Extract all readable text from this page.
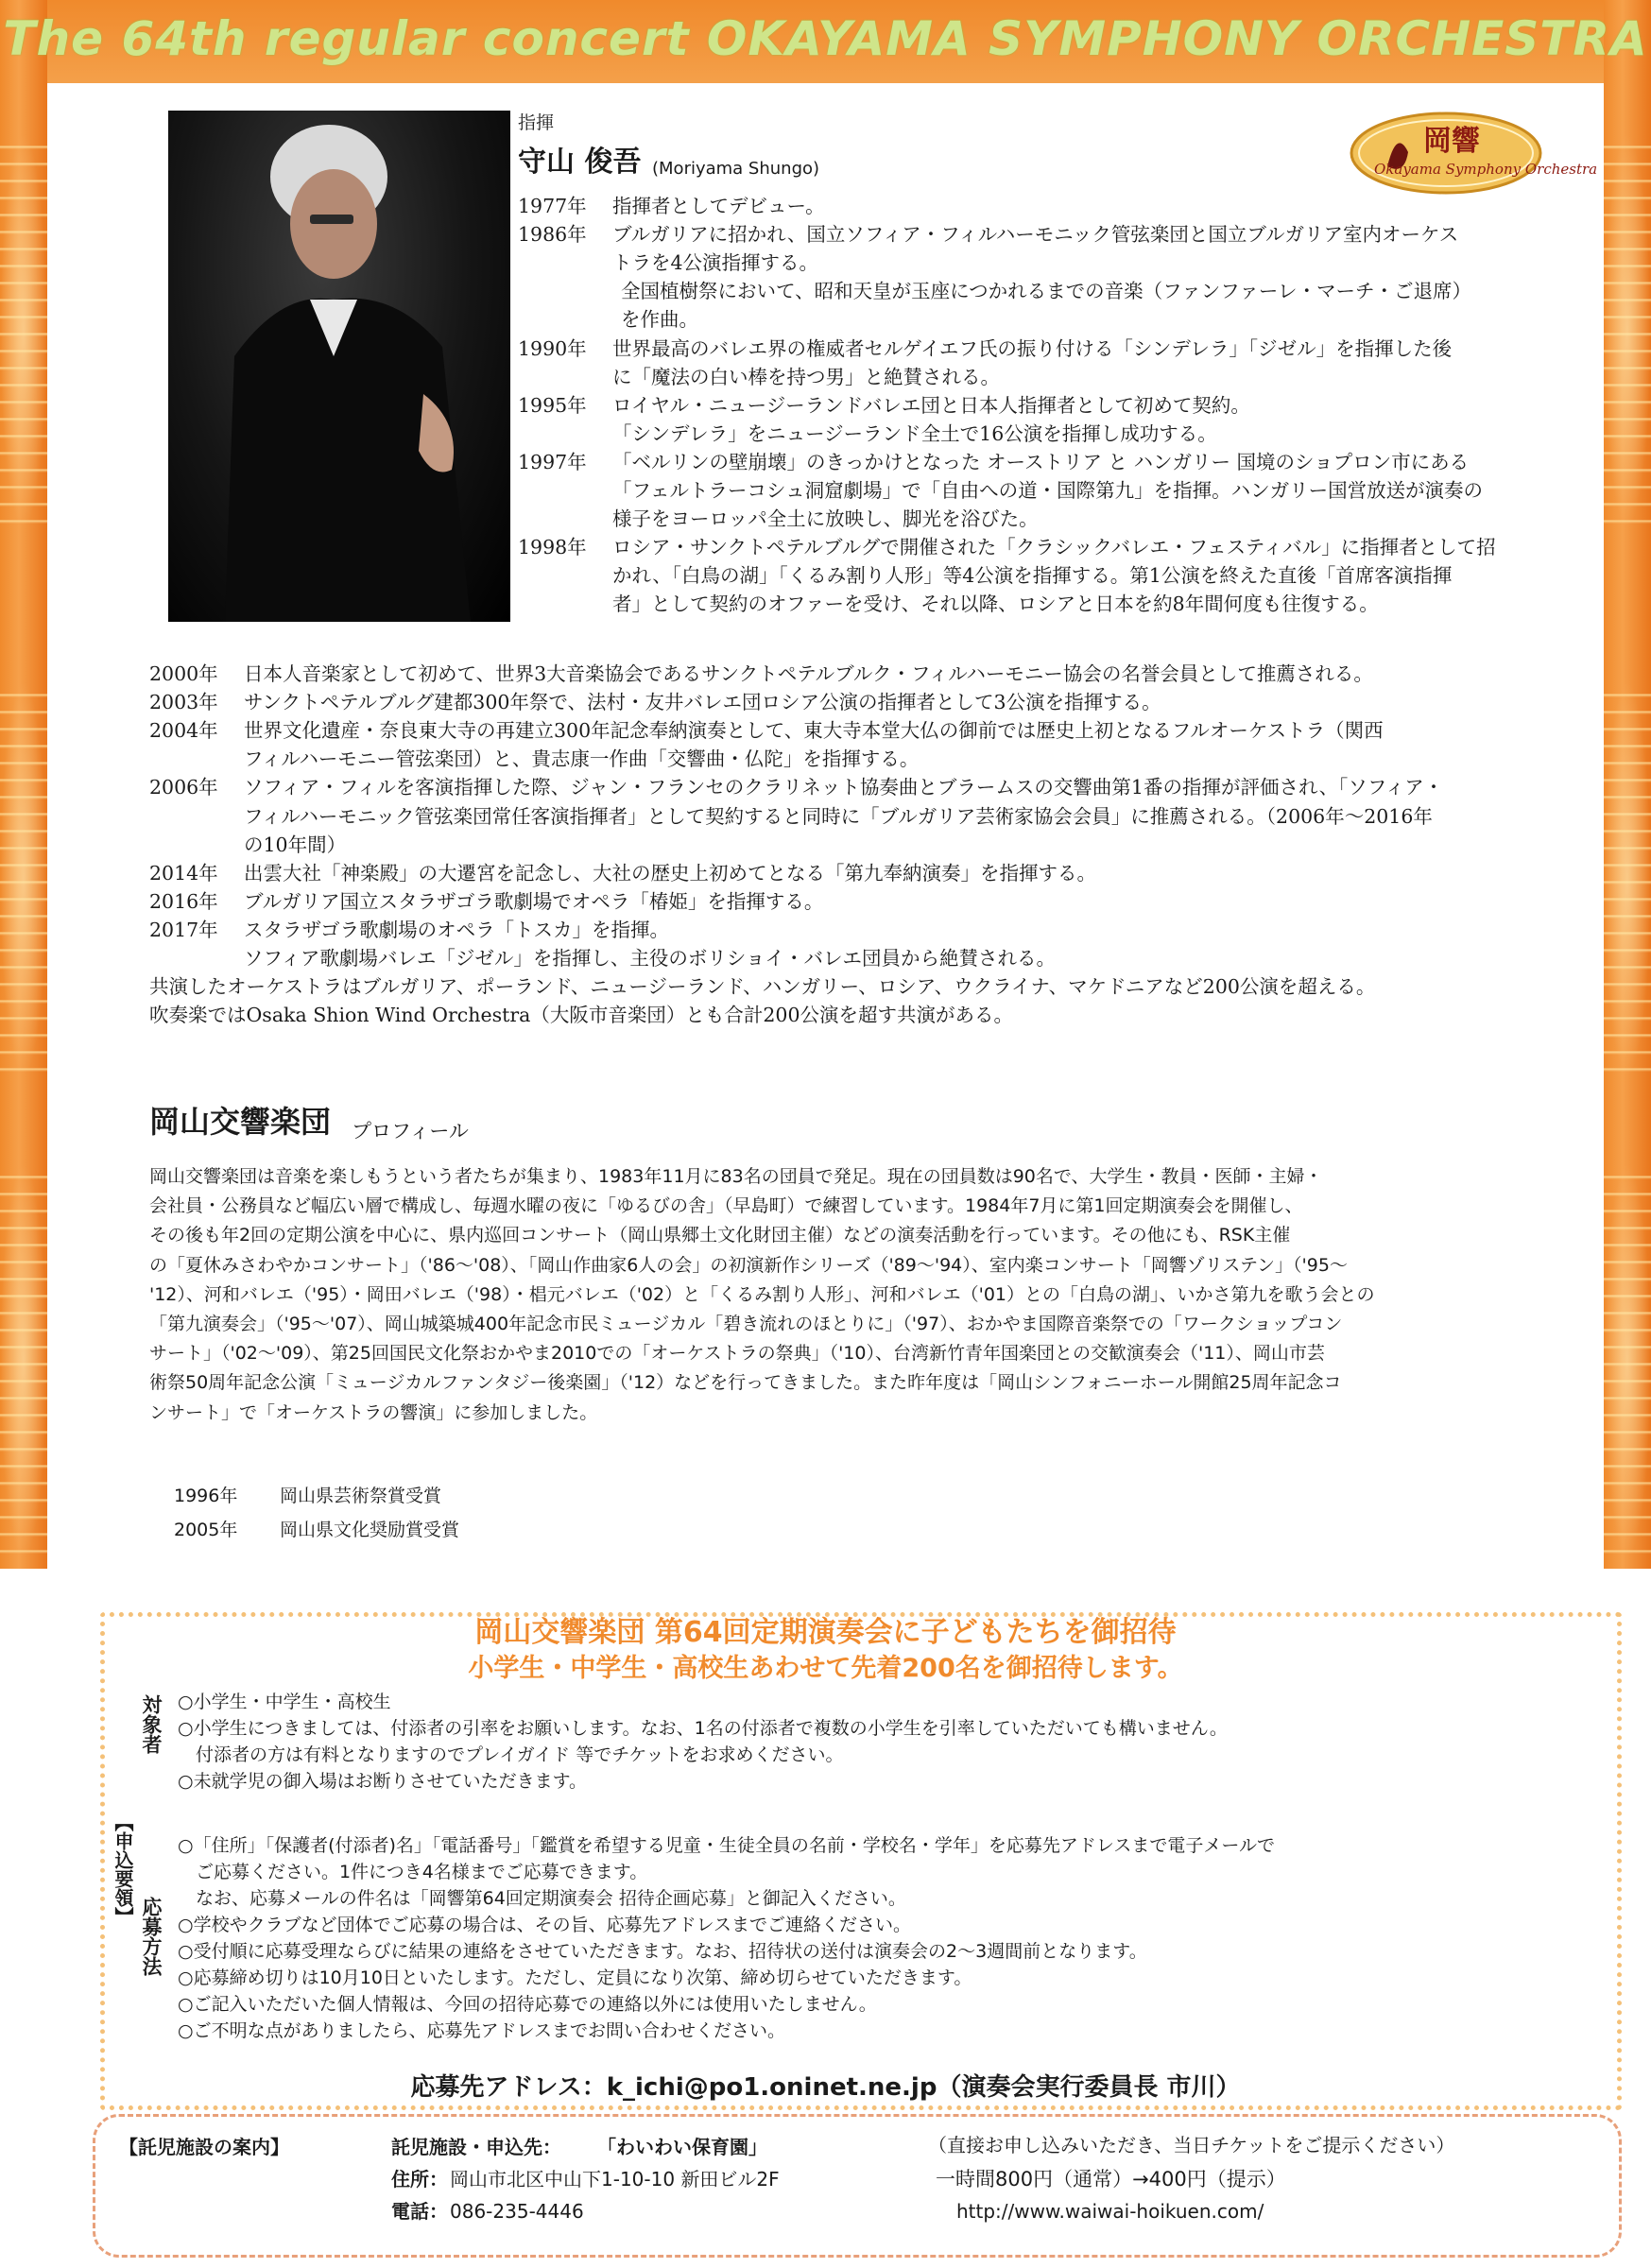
The 64th regular concert OKAYAMA SYMPHONY ORCHESTRA
岡響
Okayama Symphony Orchestra
指揮
守山 俊吾 (Moriyama Shungo)
1977年 指揮者としてデビュー。
1986年 ブルガリアに招かれ、国立ソフィア・フィルハーモニック管弦楽団と国立ブルガリア室内オーケス
トラを4公演指揮する。
全国植樹祭において、昭和天皇が玉座につかれるまでの音楽（ファンファーレ・マーチ・ご退席）
を作曲。
1990年 世界最高のバレエ界の権威者セルゲイエフ氏の振り付ける「シンデレラ」「ジゼル」を指揮した後
に「魔法の白い棒を持つ男」と絶賛される。
1995年 ロイヤル・ニュージーランドバレエ団と日本人指揮者として初めて契約。
「シンデレラ」をニュージーランド全土で16公演を指揮し成功する。
1997年 「ベルリンの壁崩壊」のきっかけとなった オーストリア と ハンガリー 国境のショプロン市にある
「フェルトラーコシュ洞窟劇場」で「自由への道・国際第九」を指揮。ハンガリー国営放送が演奏の
様子をヨーロッパ全土に放映し、脚光を浴びた。
1998年 ロシア・サンクトペテルブルグで開催された「クラシックバレエ・フェスティバル」に指揮者として招
かれ、「白鳥の湖」「くるみ割り人形」等4公演を指揮する。第1公演を終えた直後「首席客演指揮
者」として契約のオファーを受け、それ以降、ロシアと日本を約8年間何度も往復する。
2000年 日本人音楽家として初めて、世界3大音楽協会であるサンクトペテルブルク・フィルハーモニー協会の名誉会員として推薦される。
2003年 サンクトペテルブルグ建都300年祭で、法村・友井バレエ団ロシア公演の指揮者として3公演を指揮する。
2004年 世界文化遺産・奈良東大寺の再建立300年記念奉納演奏として、東大寺本堂大仏の御前では歴史上初となるフルオーケストラ（関西
フィルハーモニー管弦楽団）と、貴志康一作曲「交響曲・仏陀」を指揮する。
2006年 ソフィア・フィルを客演指揮した際、ジャン・フランセのクラリネット協奏曲とブラームスの交響曲第1番の指揮が評価され、「ソフィア・
フィルハーモニック管弦楽団常任客演指揮者」として契約すると同時に「ブルガリア芸術家協会会員」に推薦される。（2006年〜2016年
の10年間）
2014年 出雲大社「神楽殿」の大遷宮を記念し、大社の歴史上初めてとなる「第九奉納演奏」を指揮する。
2016年 ブルガリア国立スタラザゴラ歌劇場でオペラ「椿姫」を指揮する。
2017年 スタラザゴラ歌劇場のオペラ「トスカ」を指揮。
ソフィア歌劇場バレエ「ジゼル」を指揮し、主役のボリショイ・バレエ団員から絶賛される。
共演したオーケストラはブルガリア、ポーランド、ニュージーランド、ハンガリー、ロシア、ウクライナ、マケドニアなど200公演を超える。
吹奏楽ではOsaka Shion Wind Orchestra（大阪市音楽団）とも合計200公演を超す共演がある。
岡山交響楽団 プロフィール
岡山交響楽団は音楽を楽しもうという者たちが集まり、1983年11月に83名の団員で発足。現在の団員数は90名で、大学生・教員・医師・主婦・
会社員・公務員など幅広い層で構成し、毎週水曜の夜に「ゆるびの舎」（早島町）で練習しています。1984年7月に第1回定期演奏会を開催し、
その後も年2回の定期公演を中心に、県内巡回コンサート（岡山県郷土文化財団主催）などの演奏活動を行っています。その他にも、RSK主催
の「夏休みさわやかコンサート」（'86〜'08）、「岡山作曲家6人の会」の初演新作シリーズ（'89〜'94）、室内楽コンサート「岡響ゾリステン」（'95〜
'12）、河和バレエ（'95）・岡田バレエ（'98）・椙元バレエ（'02）と「くるみ割り人形」、河和バレエ（'01）との「白鳥の湖」、いかさ第九を歌う会との
「第九演奏会」（'95〜'07）、岡山城築城400年記念市民ミュージカル「碧き流れのほとりに」（'97）、おかやま国際音楽祭での「ワークショップコン
サート」（'02〜'09）、第25回国民文化祭おかやま2010での「オーケストラの祭典」（'10）、台湾新竹青年国楽団との交歓演奏会（'11）、岡山市芸
術祭50周年記念公演「ミュージカルファンタジー後楽園」（'12）などを行ってきました。また昨年度は「岡山シンフォニーホール開館25周年記念コ
ンサート」で「オーケストラの響演」に参加しました。
1996年 岡山県芸術祭賞受賞
2005年 岡山県文化奨励賞受賞
岡山交響楽団 第64回定期演奏会に子どもたちを御招待
小学生・中学生・高校生あわせて先着200名を御招待します。
【申込要領】
対象者
応募方法
○小学生・中学生・高校生
○小学生につきましては、付添者の引率をお願いします。なお、1名の付添者で複数の小学生を引率していただいても構いません。
　付添者の方は有料となりますのでプレイガイド 等でチケットをお求めください。
○未就学児の御入場はお断りさせていただきます。
○「住所」「保護者(付添者)名」「電話番号」「鑑賞を希望する児童・生徒全員の名前・学校名・学年」を応募先アドレスまで電子メールで
　ご応募ください。1件につき4名様までご応募できます。
　なお、応募メールの件名は「岡響第64回定期演奏会 招待企画応募」と御記入ください。
○学校やクラブなど団体でご応募の場合は、その旨、応募先アドレスまでご連絡ください。
○受付順に応募受理ならびに結果の連絡をさせていただきます。なお、招待状の送付は演奏会の2〜3週間前となります。
○応募締め切りは10月10日といたします。ただし、定員になり次第、締め切らせていただきます。
○ご記入いただいた個人情報は、今回の招待応募での連絡以外には使用いたしません。
○ご不明な点がありましたら、応募先アドレスまでお問い合わせください。
応募先アドレス：k_ichi@po1.oninet.ne.jp（演奏会実行委員長 市川）
【託児施設の案内】	託児施設・申込先： 「わいわい保育園」
住所： 岡山市北区中山下1-10-10 新田ビル2F
電話： 086-235-4446
（直接お申し込みいただき、当日チケットをご提示ください）
一時間800円（通常）→400円（提示）
http://www.waiwai-hoikuen.com/
